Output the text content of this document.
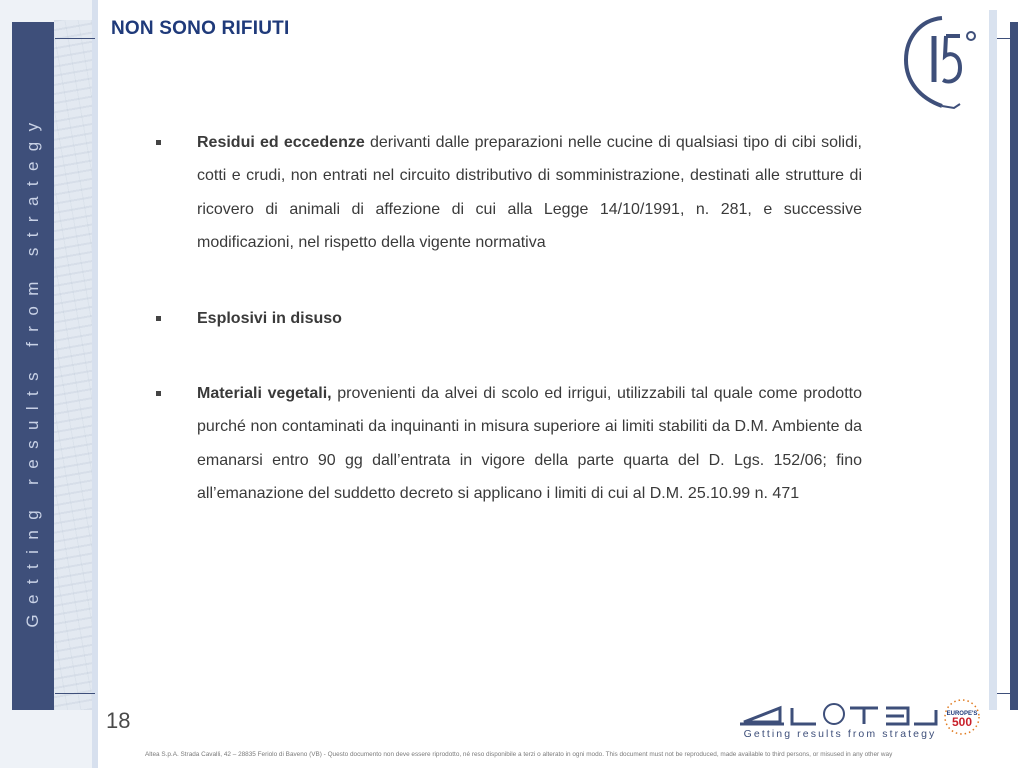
Getting results from strategy
NON SONO RIFIUTI
Residui ed eccedenze derivanti dalle preparazioni nelle cucine di qualsiasi tipo di cibi solidi, cotti e crudi, non entrati nel circuito distributivo di somministrazione, destinati alle strutture di ricovero di animali di affezione di cui alla Legge 14/10/1991, n. 281, e successive modificazioni, nel rispetto della vigente normativa
Esplosivi in disuso
Materiali vegetali, provenienti da alvei di scolo ed irrigui, utilizzabili tal quale come prodotto purché non contaminati da inquinanti in misura superiore ai limiti stabiliti da D.M. Ambiente da emanarsi entro 90 gg dall’entrata in vigore della parte quarta del D. Lgs. 152/06; fino all’emanazione del suddetto decreto si applicano i limiti di cui al D.M. 25.10.99 n. 471
18
Getting results from strategy
EUROPE'S
500
Altea S.p.A. Strada Cavalli, 42 – 28835 Feriolo di Baveno (VB) - Questo documento non deve essere riprodotto, né reso disponibile a terzi o alterato in ogni modo. This document must not be reproduced, made available to third persons, or misused in any other way
